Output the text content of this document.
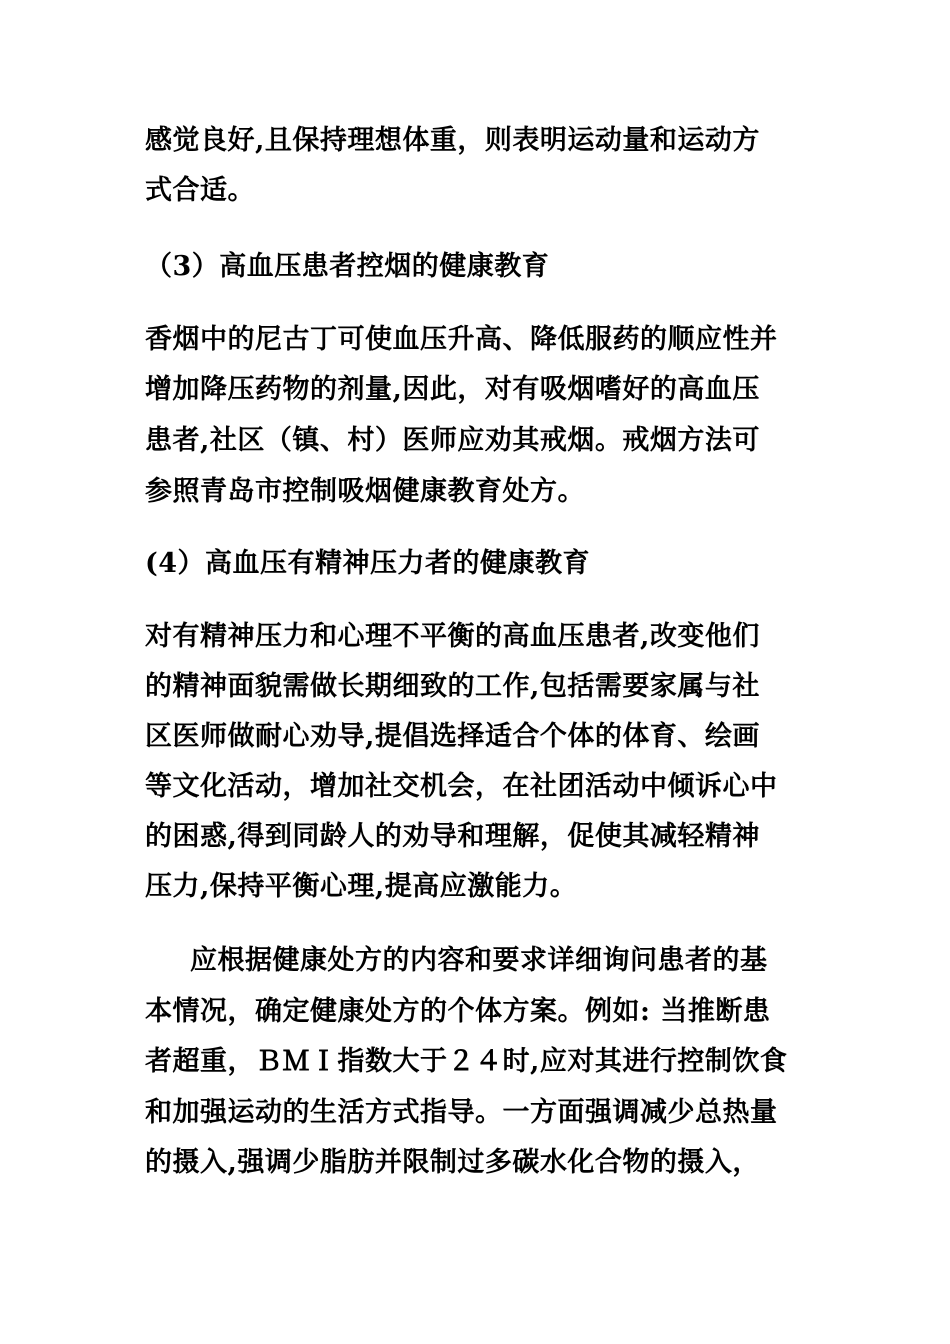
感觉良好,且保持理想体重，则表明运动量和运动方
式合适。
（3）高血压患者控烟的健康教育
香烟中的尼古丁可使血压升高、降低服药的顺应性并
增加降压药物的剂量,因此，对有吸烟嗜好的高血压
患者,社区（镇、村）医师应劝其戒烟。戒烟方法可
参照青岛市控制吸烟健康教育处方。
(4）高血压有精神压力者的健康教育
对有精神压力和心理不平衡的高血压患者,改变他们
的精神面貌需做长期细致的工作,包括需要家属与社
区医师做耐心劝导,提倡选择适合个体的体育、绘画
等文化活动，增加社交机会，在社团活动中倾诉心中
的困惑,得到同龄人的劝导和理解，促使其减轻精神
压力,保持平衡心理,提高应激能力。
应根据健康处方的内容和要求详细询问患者的基
本情况，确定健康处方的个体方案。例如: 当推断患
者超重，ＢＭＩ指数大于２４时,应对其进行控制饮食
和加强运动的生活方式指导。一方面强调减少总热量
的摄入,强调少脂肪并限制过多碳水化合物的摄入，
